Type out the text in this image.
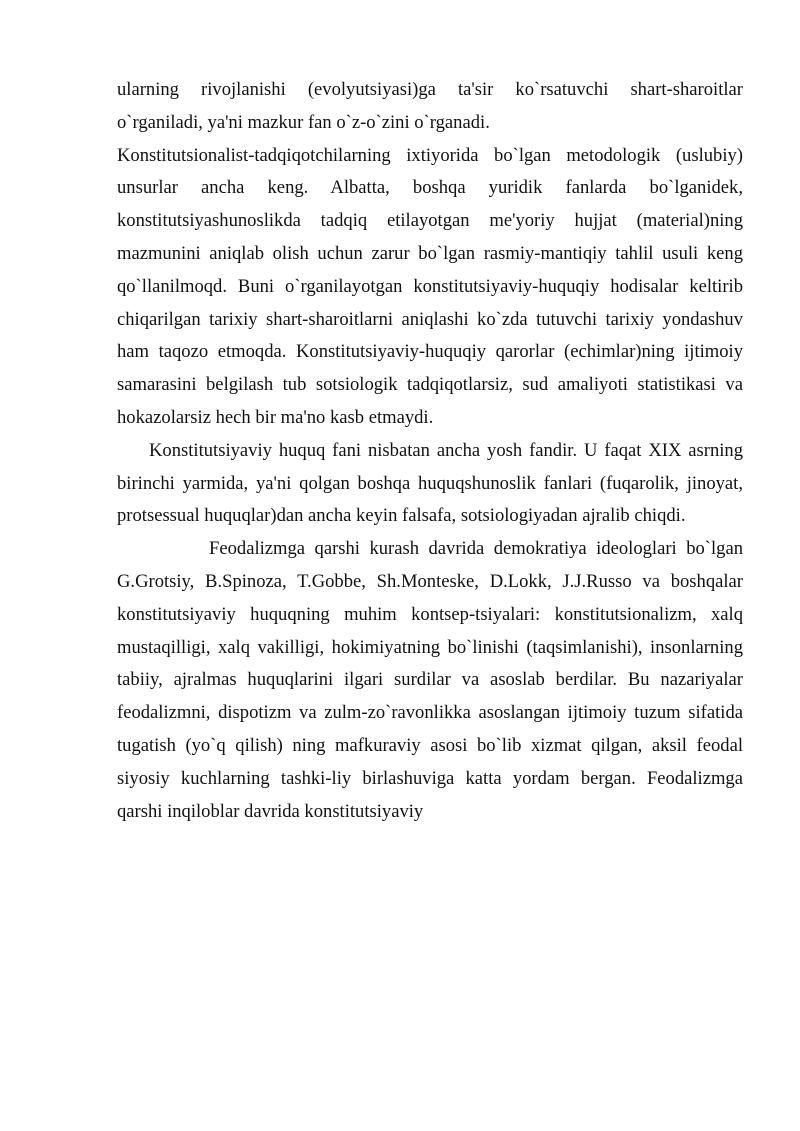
ularning rivojlanishi (evolyutsiyasi)ga ta'sir ko`rsatuvchi shart-sharoitlar o`rganiladi, ya'ni mazkur fan o`z-o`zini o`rganadi.

Konstitutsionalist-tadqiqotchilarning ixtiyorida bo`lgan metodologik (uslubiy) unsurlar ancha keng. Albatta, boshqa yuridik fanlarda bo`lganidek, konstitutsiyashunoslikda tadqiq etilayotgan me'yoriy hujjat (material)ning mazmunini aniqlab olish uchun zarur bo`lgan rasmiy-mantiqiy tahlil usuli keng qo`llanilmoqd. Buni o`rganilayotgan konstitutsiyaviy-huquqiy hodisalar keltirib chiqarilgan tarixiy shart-sharoitlarni aniqlashi ko`zda tutuvchi tarixiy yondashuv ham taqozo etmoqda. Konstitutsiyaviy-huquqiy qarorlar (echimlar)ning ijtimoiy samarasini belgilash tub sotsiologik tadqiqotlarsiz, sud amaliyoti statistikasi va hokazolarsiz hech bir ma'no kasb etmaydi.

Konstitutsiyaviy huquq fani nisbatan ancha yosh fandir. U faqat XIX asrning birinchi yarmida, ya'ni qolgan boshqa huquqshunoslik fanlari (fuqarolik, jinoyat, protsessual huquqlar)dan ancha keyin falsafa, sotsiologiyadan ajralib chiqdi.

Feodalizmga qarshi kurash davrida demokratiya ideologlari bo`lgan G.Grotsiy, B.Spinoza, T.Gobbe, Sh.Monteske, D.Lokk, J.J.Russo va boshqalar konstitutsiyaviy huquqning muhim kontsep-tsiyalari: konstitutsionalizm, xalq mustaqilligi, xalq vakilligi, hokimiyatning bo`linishi (taqsimlanishi), insonlarning tabiiy, ajralmas huquqlarini ilgari surdilar va asoslab berdilar. Bu nazariyalar feodalizmni, dispotizm va zulm-zo`ravonlikka asoslangan ijtimoiy tuzum sifatida tugatish (yo`q qilish) ning mafkuraviy asosi bo`lib xizmat qilgan, aksil feodal siyosiy kuchlarning tashki-liy birlashuviga katta yordam bergan. Feodalizmga qarshi inqiloblar davrida konstitutsiyaviy
